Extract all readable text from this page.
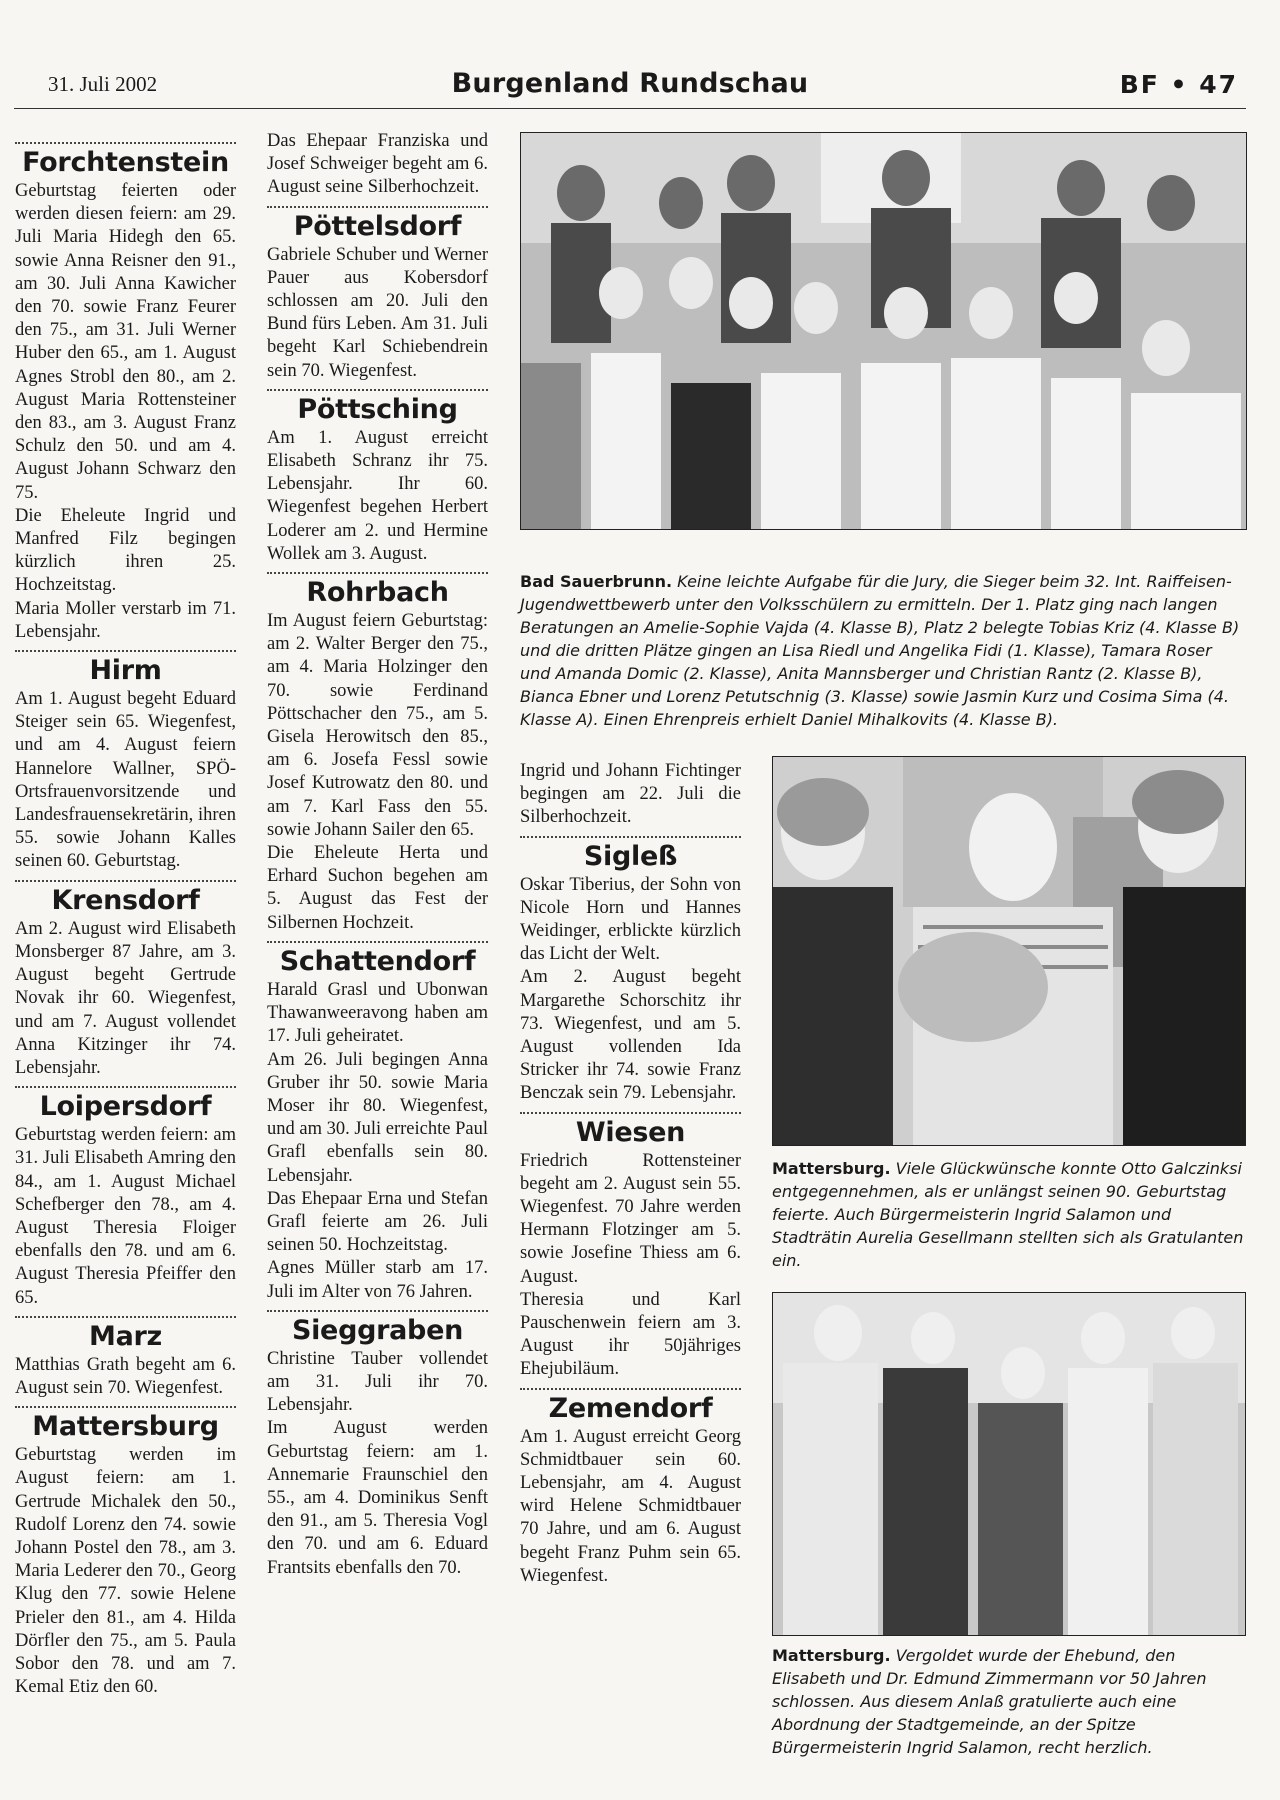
31. Juli 2002	Burgenland Rundschau	BF • 47
Forchtenstein

Geburtstag feierten oder werden diesen feiern: am 29. Juli Maria Hidegh den 65. sowie Anna Reisner den 91., am 30. Juli Anna Kawicher den 70. sowie Franz Feurer den 75., am 31. Juli Werner Huber den 65., am 1. August Agnes Strobl den 80., am 2. August Maria Rottensteiner den 83., am 3. August Franz Schulz den 50. und am 4. August Johann Schwarz den 75.

Die Eheleute Ingrid und Manfred Filz begingen kürzlich ihren 25. Hochzeitstag.

Maria Moller verstarb im 71. Lebensjahr.

Hirm

Am 1. August begeht Eduard Steiger sein 65. Wiegenfest, und am 4. August feiern Hannelore Wallner, SPÖ-Ortsfrauenvorsitzende und Landesfrauensekretärin, ihren 55. sowie Johann Kalles seinen 60. Geburtstag.

Krensdorf

Am 2. August wird Elisabeth Monsberger 87 Jahre, am 3. August begeht Gertrude Novak ihr 60. Wiegenfest, und am 7. August vollendet Anna Kitzinger ihr 74. Lebensjahr.

Loipersdorf

Geburtstag werden feiern: am 31. Juli Elisabeth Amring den 84., am 1. August Michael Schefberger den 78., am 4. August Theresia Floiger ebenfalls den 78. und am 6. August Theresia Pfeiffer den 65.

Marz

Matthias Grath begeht am 6. August sein 70. Wiegenfest.

Mattersburg

Geburtstag werden im August feiern: am 1. Gertrude Michalek den 50., Rudolf Lorenz den 74. sowie Johann Postel den 78., am 3. Maria Lederer den 70., Georg Klug den 77. sowie Helene Prieler den 81., am 4. Hilda Dörfler den 75., am 5. Paula Sobor den 78. und am 7. Kemal Etiz den 60.

Das Ehepaar Franziska und Josef Schweiger begeht am 6. August seine Silberhochzeit.

Pöttelsdorf

Gabriele Schuber und Werner Pauer aus Kobersdorf schlossen am 20. Juli den Bund fürs Leben. Am 31. Juli begeht Karl Schiebendrein sein 70. Wiegenfest.

Pöttsching

Am 1. August erreicht Elisabeth Schranz ihr 75. Lebensjahr. Ihr 60. Wiegenfest begehen Herbert Loderer am 2. und Hermine Wollek am 3. August.

Rohrbach

Im August feiern Geburtstag: am 2. Walter Berger den 75., am 4. Maria Holzinger den 70. sowie Ferdinand Pöttschacher den 75., am 5. Gisela Herowitsch den 85., am 6. Josefa Fessl sowie Josef Kutrowatz den 80. und am 7. Karl Fass den 55. sowie Johann Sailer den 65.

Die Eheleute Herta und Erhard Suchon begehen am 5. August das Fest der Silbernen Hochzeit.

Schattendorf

Harald Grasl und Ubonwan Thawanweeravong haben am 17. Juli geheiratet.

Am 26. Juli begingen Anna Gruber ihr 50. sowie Maria Moser ihr 80. Wiegenfest, und am 30. Juli erreichte Paul Grafl ebenfalls sein 80. Lebensjahr.

Das Ehepaar Erna und Stefan Grafl feierte am 26. Juli seinen 50. Hochzeitstag.

Agnes Müller starb am 17. Juli im Alter von 76 Jahren.

Sieggraben

Christine Tauber vollendet am 31. Juli ihr 70. Lebensjahr.

Im August werden Geburtstag feiern: am 1. Annemarie Fraunschiel den 55., am 4. Dominikus Senft den 91., am 5. Theresia Vogl den 70. und am 6. Eduard Frantsits ebenfalls den 70.

Ingrid und Johann Fichtinger begingen am 22. Juli die Silberhochzeit.

Sigleß

Oskar Tiberius, der Sohn von Nicole Horn und Hannes Weidinger, erblickte kürzlich das Licht der Welt.

Am 2. August begeht Margarethe Schorschitz ihr 73. Wiegenfest, und am 5. August vollenden Ida Stricker ihr 74. sowie Franz Benczak sein 79. Lebensjahr.

Wiesen

Friedrich Rottensteiner begeht am 2. August sein 55. Wiegenfest. 70 Jahre werden Hermann Flotzinger am 5. sowie Josefine Thiess am 6. August.

Theresia und Karl Pauschenwein feiern am 3. August ihr 50jähriges Ehejubiläum.

Zemendorf

Am 1. August erreicht Georg Schmidtbauer sein 60. Lebensjahr, am 4. August wird Helene Schmidtbauer 70 Jahre, und am 6. August begeht Franz Puhm sein 65. Wiegenfest.

Bad Sauerbrunn. Keine leichte Aufgabe für die Jury, die Sieger beim 32. Int. Raiffeisen-Jugendwettbewerb unter den Volksschülern zu ermitteln. Der 1. Platz ging nach langen Beratungen an Amelie-Sophie Vajda (4. Klasse B), Platz 2 belegte Tobias Kriz (4. Klasse B) und die dritten Plätze gingen an Lisa Riedl und Angelika Fidi (1. Klasse), Tamara Roser und Amanda Domic (2. Klasse), Anita Mannsberger und Christian Rantz (2. Klasse B), Bianca Ebner und Lorenz Petutschnig (3. Klasse) sowie Jasmin Kurz und Cosima Sima (4. Klasse A). Einen Ehrenpreis erhielt Daniel Mihalkovits (4. Klasse B).
Mattersburg. Viele Glückwünsche konnte Otto Galczinksi entgegennehmen, als er unlängst seinen 90. Geburtstag feierte. Auch Bürgermeisterin Ingrid Salamon und Stadträtin Aurelia Gesellmann stellten sich als Gratulanten ein.
Mattersburg. Vergoldet wurde der Ehebund, den Elisabeth und Dr. Edmund Zimmermann vor 50 Jahren schlossen. Aus diesem Anlaß gratulierte auch eine Abordnung der Stadtgemeinde, an der Spitze Bürgermeisterin Ingrid Salamon, recht herzlich.
